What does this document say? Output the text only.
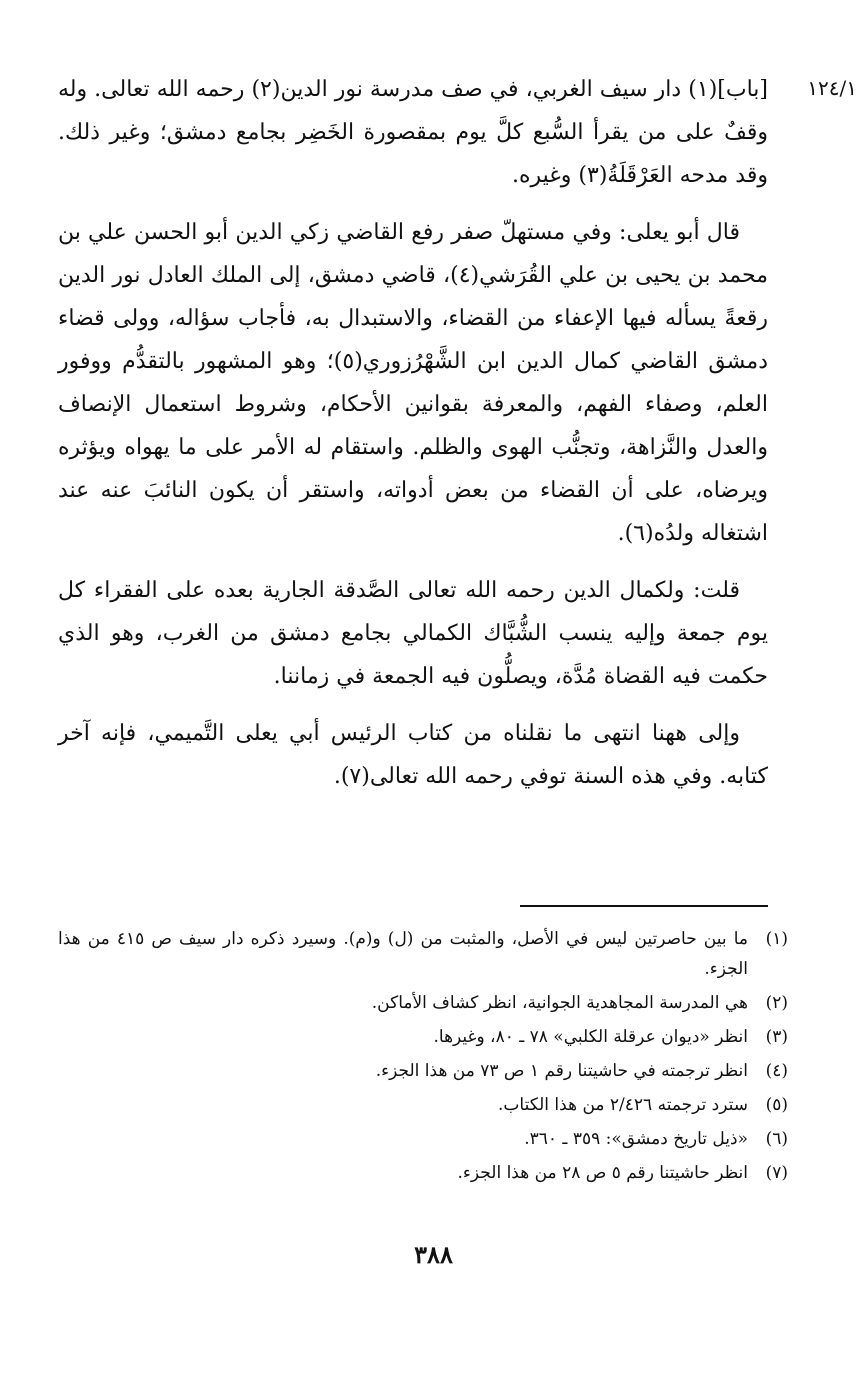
١٢٤/١

[باب](١) دار سيف الغربي، في صف مدرسة نور الدين(٢) رحمه الله تعالى. وله وقفٌ على من يقرأ السُّبع كلَّ يوم بمقصورة الخَضِر بجامع دمشق؛ وغير ذلك. وقد مدحه العَرْقَلَةُ(٣) وغيره.

قال أبو يعلى: وفي مستهلّ صفر رفع القاضي زكي الدين أبو الحسن علي بن محمد بن يحيى بن علي القُرَشي(٤)، قاضي دمشق، إلى الملك العادل نور الدين رقعةً يسأله فيها الإعفاء من القضاء، والاستبدال به، فأجاب سؤاله، وولى قضاء دمشق القاضي كمال الدين ابن الشَّهْرُزوري(٥)؛ وهو المشهور بالتقدُّم ووفور العلم، وصفاء الفهم، والمعرفة بقوانين الأحكام، وشروط استعمال الإنصاف والعدل والنَّزاهة، وتجنُّب الهوى والظلم. واستقام له الأمر على ما يهواه ويؤثره ويرضاه، على أن القضاء من بعض أدواته، واستقر أن يكون النائبَ عنه عند اشتغاله ولدُه(٦).

قلت: ولكمال الدين رحمه الله تعالى الصَّدقة الجارية بعده على الفقراء كل يوم جمعة وإليه ينسب الشُّبَّاك الكمالي بجامع دمشق من الغرب، وهو الذي حكمت فيه القضاة مُدَّة، ويصلُّون فيه الجمعة في زماننا.

وإلى ههنا انتهى ما نقلناه من كتاب الرئيس أبي يعلى التَّميمي، فإنه آخر كتابه. وفي هذه السنة توفي رحمه الله تعالى(٧).

(١)
ما بين حاصرتين ليس في الأصل، والمثبت من (ل) و(م). وسيرد ذكره دار سيف ص ٤١٥ من هذا الجزء.
(٢)
هي المدرسة المجاهدية الجوانية، انظر كشاف الأماكن.
(٣)
انظر «ديوان عرقلة الكلبي» ٧٨ ـ ٨٠، وغيرها.
(٤)
انظر ترجمته في حاشيتنا رقم ١ ص ٧٣ من هذا الجزء.
(٥)
سترد ترجمته ٢/٤٢٦ من هذا الكتاب.
(٦)
«ذيل تاريخ دمشق»: ٣٥٩ ـ ٣٦٠.
(٧)
انظر حاشيتنا رقم ٥ ص ٢٨ من هذا الجزء.
٣٨٨
